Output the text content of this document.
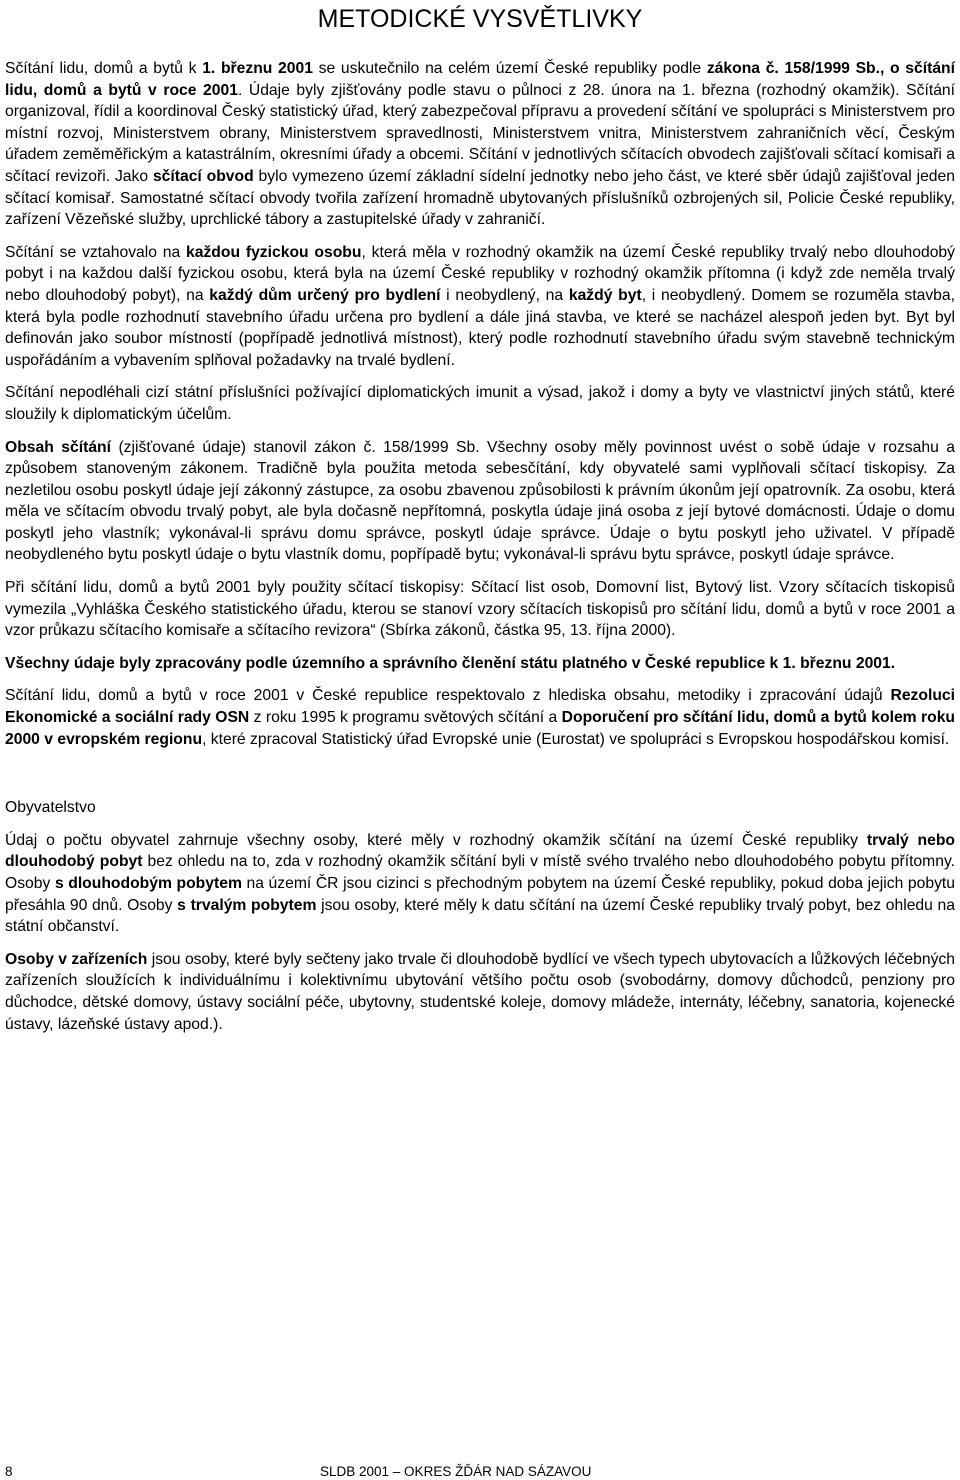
METODICKÉ VYSVĚTLIVKY

Sčítání lidu, domů a bytů k 1. březnu 2001 se uskutečnilo na celém území České republiky podle zákona č. 158/1999 Sb., o sčítání lidu, domů a bytů v roce 2001. Údaje byly zjišťovány podle stavu o půlnoci z 28. února na 1. března (rozhodný okamžik). Sčítání organizoval, řídil a koordinoval Český statistický úřad, který zabezpečoval přípravu a provedení sčítání ve spolupráci s Ministerstvem pro místní rozvoj, Ministerstvem obrany, Ministerstvem spravedlnosti, Ministerstvem vnitra, Ministerstvem zahraničních věcí, Českým úřadem zeměměřickým a katastrálním, okresními úřady a obcemi. Sčítání v jednotlivých sčítacích obvodech zajišťovali sčítací komisaři a sčítací revizoři. Jako sčítací obvod bylo vymezeno území základní sídelní jednotky nebo jeho část, ve které sběr údajů zajišťoval jeden sčítací komisař. Samostatné sčítací obvody tvořila zařízení hromadně ubytovaných příslušníků ozbrojených sil, Policie České republiky, zařízení Vězeňské služby, uprchlické tábory a zastupitelské úřady v zahraničí.

Sčítání se vztahovalo na každou fyzickou osobu, která měla v rozhodný okamžik na území České republiky trvalý nebo dlouhodobý pobyt i na každou další fyzickou osobu, která byla na území České republiky v rozhodný okamžik přítomna (i když zde neměla trvalý nebo dlouhodobý pobyt), na každý dům určený pro bydlení i neobydlený, na každý byt, i neobydlený. Domem se rozuměla stavba, která byla podle rozhodnutí stavebního úřadu určena pro bydlení a dále jiná stavba, ve které se nacházel alespoň jeden byt. Byt byl definován jako soubor místností (popřípadě jednotlivá místnost), který podle rozhodnutí stavebního úřadu svým stavebně technickým uspořádáním a vybavením splňoval požadavky na trvalé bydlení.

Sčítání nepodléhali cizí státní příslušníci požívající diplomatických imunit a výsad, jakož i domy a byty ve vlastnictví jiných států, které sloužily k diplomatickým účelům.

Obsah sčítání (zjišťované údaje) stanovil zákon č. 158/1999 Sb. Všechny osoby měly povinnost uvést o sobě údaje v rozsahu a způsobem stanoveným zákonem. Tradičně byla použita metoda sebesčítání, kdy obyvatelé sami vyplňovali sčítací tiskopisy. Za nezletilou osobu poskytl údaje její zákonný zástupce, za osobu zbavenou způsobilosti k právním úkonům její opatrovník. Za osobu, která měla ve sčítacím obvodu trvalý pobyt, ale byla dočasně nepřítomná, poskytla údaje jiná osoba z její bytové domácnosti. Údaje o domu poskytl jeho vlastník; vykonával-li správu domu správce, poskytl údaje správce. Údaje o bytu poskytl jeho uživatel. V případě neobydleného bytu poskytl údaje o bytu vlastník domu, popřípadě bytu; vykonával-li správu bytu správce, poskytl údaje správce.

Při sčítání lidu, domů a bytů 2001 byly použity sčítací tiskopisy: Sčítací list osob, Domovní list, Bytový list. Vzory sčítacích tiskopisů vymezila „Vyhláška Českého statistického úřadu, kterou se stanoví vzory sčítacích tiskopisů pro sčítání lidu, domů a bytů v roce 2001 a vzor průkazu sčítacího komisaře a sčítacího revizora“ (Sbírka zákonů, částka 95, 13. října 2000).

Všechny údaje byly zpracovány podle územního a správního členění státu platného v České republice k 1. březnu 2001.

Sčítání lidu, domů a bytů v roce 2001 v České republice respektovalo z hlediska obsahu, metodiky i zpracování údajů Rezoluci Ekonomické a sociální rady OSN z roku 1995 k programu světových sčítání a Doporučení pro sčítání lidu, domů a bytů kolem roku 2000 v evropském regionu, které zpracoval Statistický úřad Evropské unie (Eurostat) ve spolupráci s Evropskou hospodářskou komisí.

Obyvatelstvo

Údaj o počtu obyvatel zahrnuje všechny osoby, které měly v rozhodný okamžik sčítání na území České republiky trvalý nebo dlouhodobý pobyt bez ohledu na to, zda v rozhodný okamžik sčítání byli v místě svého trvalého nebo dlouhodobého pobytu přítomny. Osoby s dlouhodobým pobytem na území ČR jsou cizinci s přechodným pobytem na území České republiky, pokud doba jejich pobytu přesáhla 90 dnů. Osoby s trvalým pobytem jsou osoby, které měly k datu sčítání na území České republiky trvalý pobyt, bez ohledu na státní občanství.

Osoby v zařízeních jsou osoby, které byly sečteny jako trvale či dlouhodobě bydlící ve všech typech ubytovacích a lůžkových léčebných zařízeních sloužících k individuálnímu i kolektivnímu ubytování většího počtu osob (svobodárny, domovy důchodců, penziony pro důchodce, dětské domovy, ústavy sociální péče, ubytovny, studentské koleje, domovy mládeže, internáty, léčebny, sanatoria, kojenecké ústavy, lázeňské ústavy apod.).

8	SLDB 2001 – OKRES ŽĎÁR NAD SÁZAVOU
